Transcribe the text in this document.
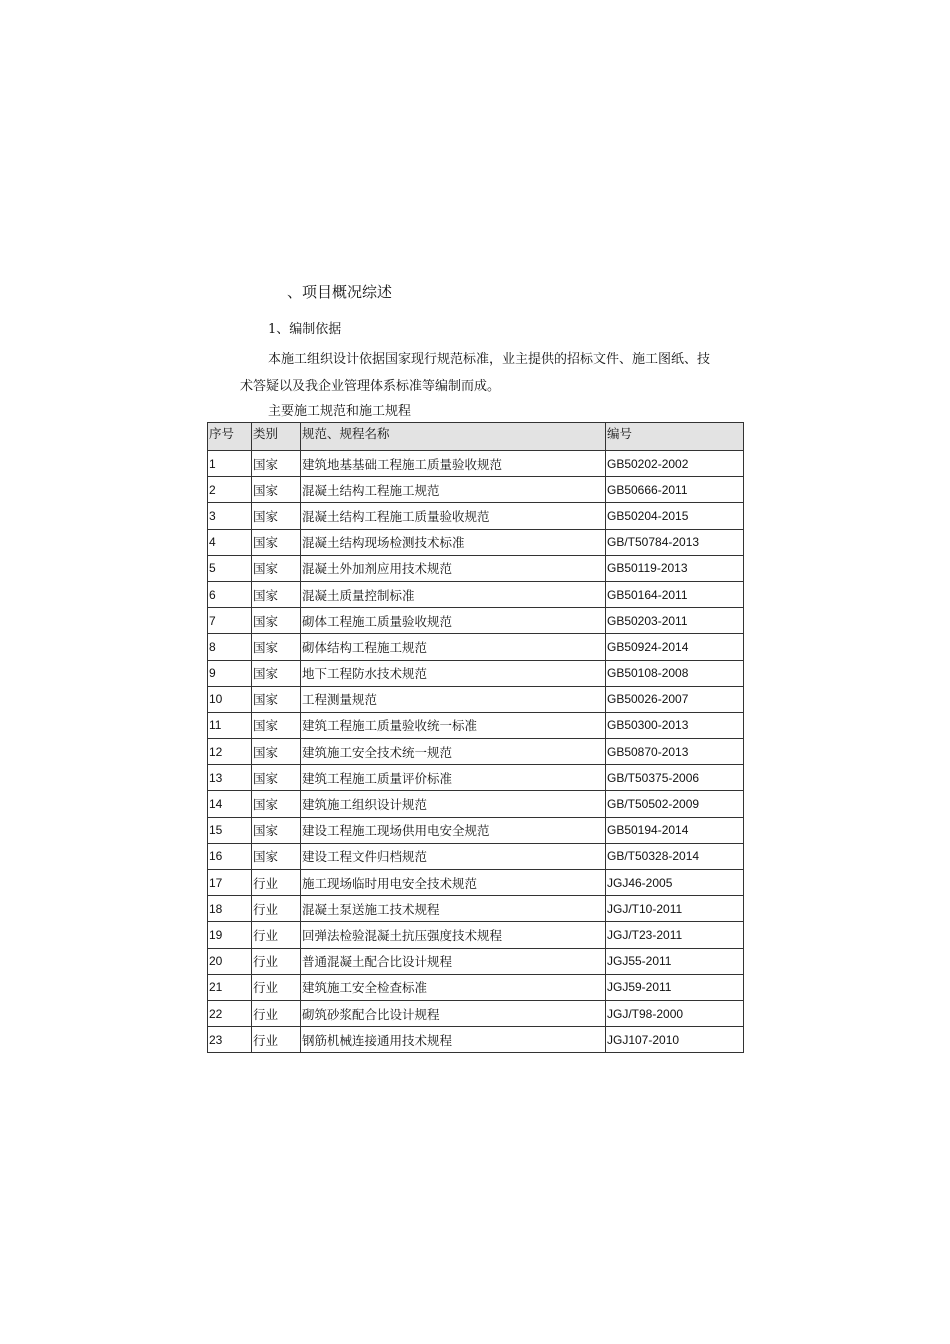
、项目概况综述
1、编制依据
本施工组织设计依据国家现行规范标准，业主提供的招标文件、施工图纸、技术答疑以及我企业管理体系标准等编制而成。
主要施工规范和施工规程
序号	类别	规范、规程名称	编号
1	国家	建筑地基基础工程施工质量验收规范	GB50202-2002
2	国家	混凝土结构工程施工规范	GB50666-2011
3	国家	混凝土结构工程施工质量验收规范	GB50204-2015
4	国家	混凝土结构现场检测技术标准	GB/T50784-2013
5	国家	混凝土外加剂应用技术规范	GB50119-2013
6	国家	混凝土质量控制标准	GB50164-2011
7	国家	砌体工程施工质量验收规范	GB50203-2011
8	国家	砌体结构工程施工规范	GB50924-2014
9	国家	地下工程防水技术规范	GB50108-2008
10	国家	工程测量规范	GB50026-2007
11	国家	建筑工程施工质量验收统一标准	GB50300-2013
12	国家	建筑施工安全技术统一规范	GB50870-2013
13	国家	建筑工程施工质量评价标准	GB/T50375-2006
14	国家	建筑施工组织设计规范	GB/T50502-2009
15	国家	建设工程施工现场供用电安全规范	GB50194-2014
16	国家	建设工程文件归档规范	GB/T50328-2014
17	行业	施工现场临时用电安全技术规范	JGJ46-2005
18	行业	混凝土泵送施工技术规程	JGJ/T10-2011
19	行业	回弹法检验混凝土抗压强度技术规程	JGJ/T23-2011
20	行业	普通混凝土配合比设计规程	JGJ55-2011
21	行业	建筑施工安全检查标准	JGJ59-2011
22	行业	砌筑砂浆配合比设计规程	JGJ/T98-2000
23	行业	钢筋机械连接通用技术规程	JGJ107-2010
